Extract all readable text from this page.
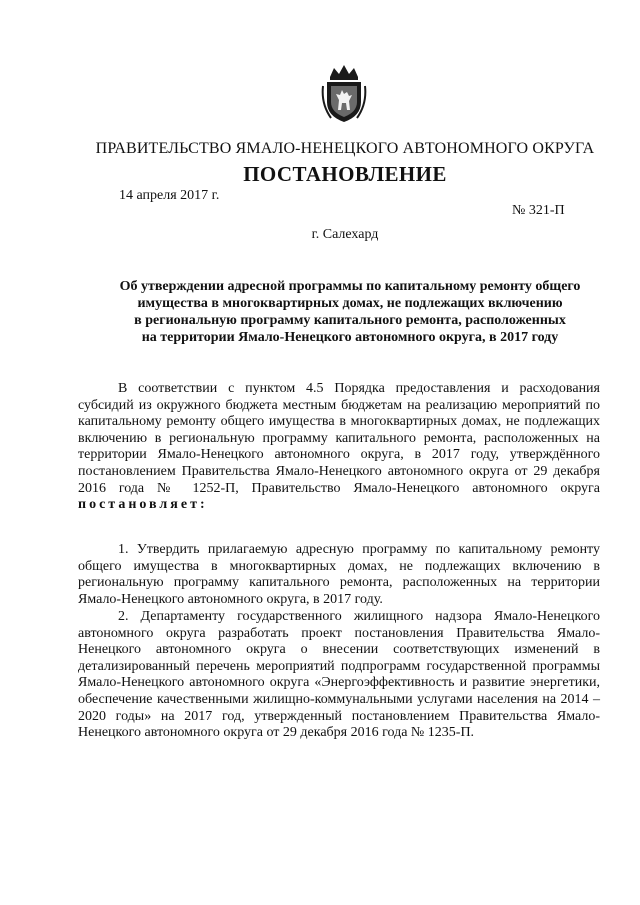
ПРАВИТЕЛЬСТВО ЯМАЛО-НЕНЕЦКОГО АВТОНОМНОГО ОКРУГА
ПОСТАНОВЛЕНИЕ
14 апреля 2017 г.
№ 321-П
г. Салехард
Об утверждении адресной программы по капитальному ремонту общего
имущества в многоквартирных домах, не подлежащих включению
в региональную программу капитального ремонта, расположенных
на территории Ямало-Ненецкого автономного округа, в 2017 году
В соответствии с пунктом 4.5 Порядка предоставления и расходования субсидий из окружного бюджета местным бюджетам на реализацию мероприятий по капитальному ремонту общего имущества в многоквартирных домах, не подлежащих включению в региональную программу капитального ремонта, расположенных на территории Ямало-Ненецкого автономного округа, в 2017 году, утверждённого постановлением Правительства Ямало-Ненецкого автономного округа от 29 декабря 2016 года № 1252-П, Правительство Ямало-Ненецкого автономного округа постановляет:
1. Утвердить прилагаемую адресную программу по капитальному ремонту общего имущества в многоквартирных домах, не подлежащих включению в региональную программу капитального ремонта, расположенных на территории Ямало-Ненецкого автономного округа, в 2017 году.
2. Департаменту государственного жилищного надзора Ямало-Ненецкого автономного округа разработать проект постановления Правительства Ямало-Ненецкого автономного округа о внесении соответствующих изменений в детализированный перечень мероприятий подпрограмм государственной программы Ямало-Ненецкого автономного округа «Энергоэффективность и развитие энергетики, обеспечение качественными жилищно-коммунальными услугами населения на 2014 – 2020 годы» на 2017 год, утвержденный постановлением Правительства Ямало-Ненецкого автономного округа от 29 декабря 2016 года № 1235-П.
